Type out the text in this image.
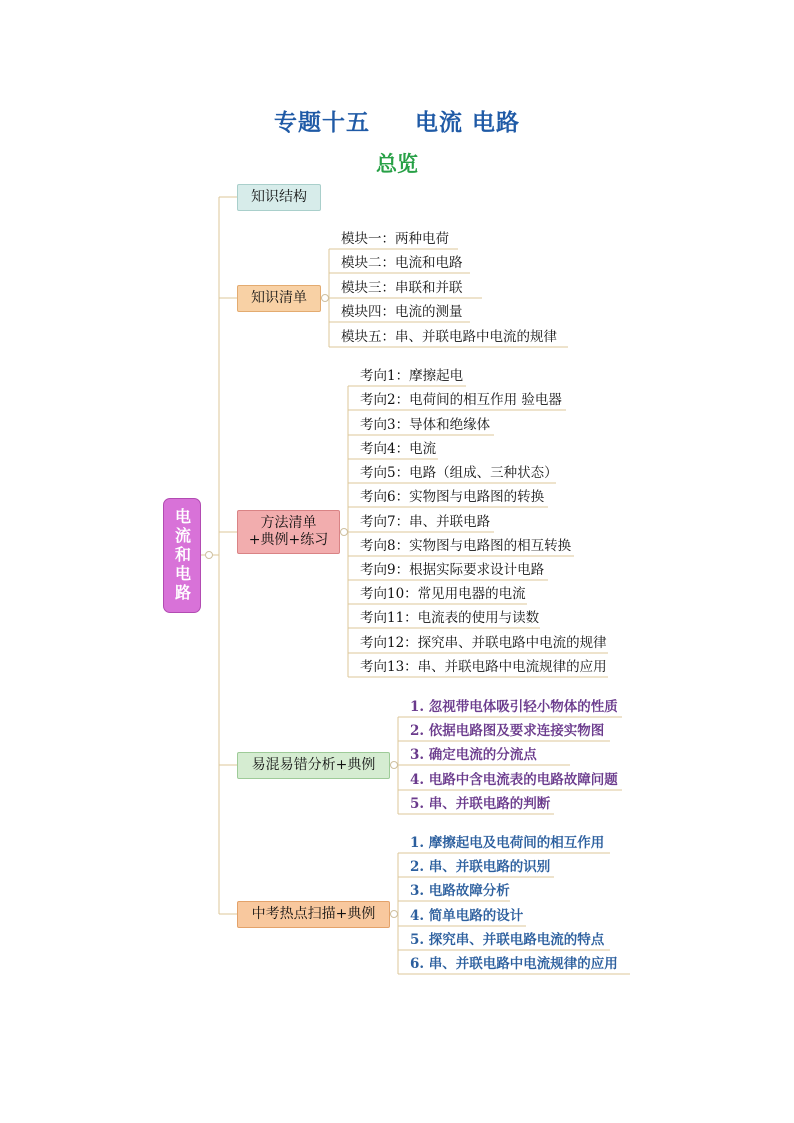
专题十五     电流 电路
总览
电流和电路
知识结构
知识清单
方法清单
+典例+练习
易混易错分析+典例
中考热点扫描+典例
模块一：两种电荷
模块二：电流和电路
模块三：串联和并联
模块四：电流的测量
模块五：串、并联电路中电流的规律
考向1：摩擦起电
考向2：电荷间的相互作用 验电器
考向3：导体和绝缘体
考向4：电流
考向5：电路（组成、三种状态）
考向6：实物图与电路图的转换
考向7：串、并联电路
考向8：实物图与电路图的相互转换
考向9：根据实际要求设计电路
考向10：常见用电器的电流
考向11：电流表的使用与读数
考向12：探究串、并联电路中电流的规律
考向13：串、并联电路中电流规律的应用
1. 忽视带电体吸引轻小物体的性质
2. 依据电路图及要求连接实物图
3. 确定电流的分流点
4. 电路中含电流表的电路故障问题
5. 串、并联电路的判断
1. 摩擦起电及电荷间的相互作用
2. 串、并联电路的识别
3. 电路故障分析
4. 简单电路的设计
5. 探究串、并联电路电流的特点
6. 串、并联电路中电流规律的应用
